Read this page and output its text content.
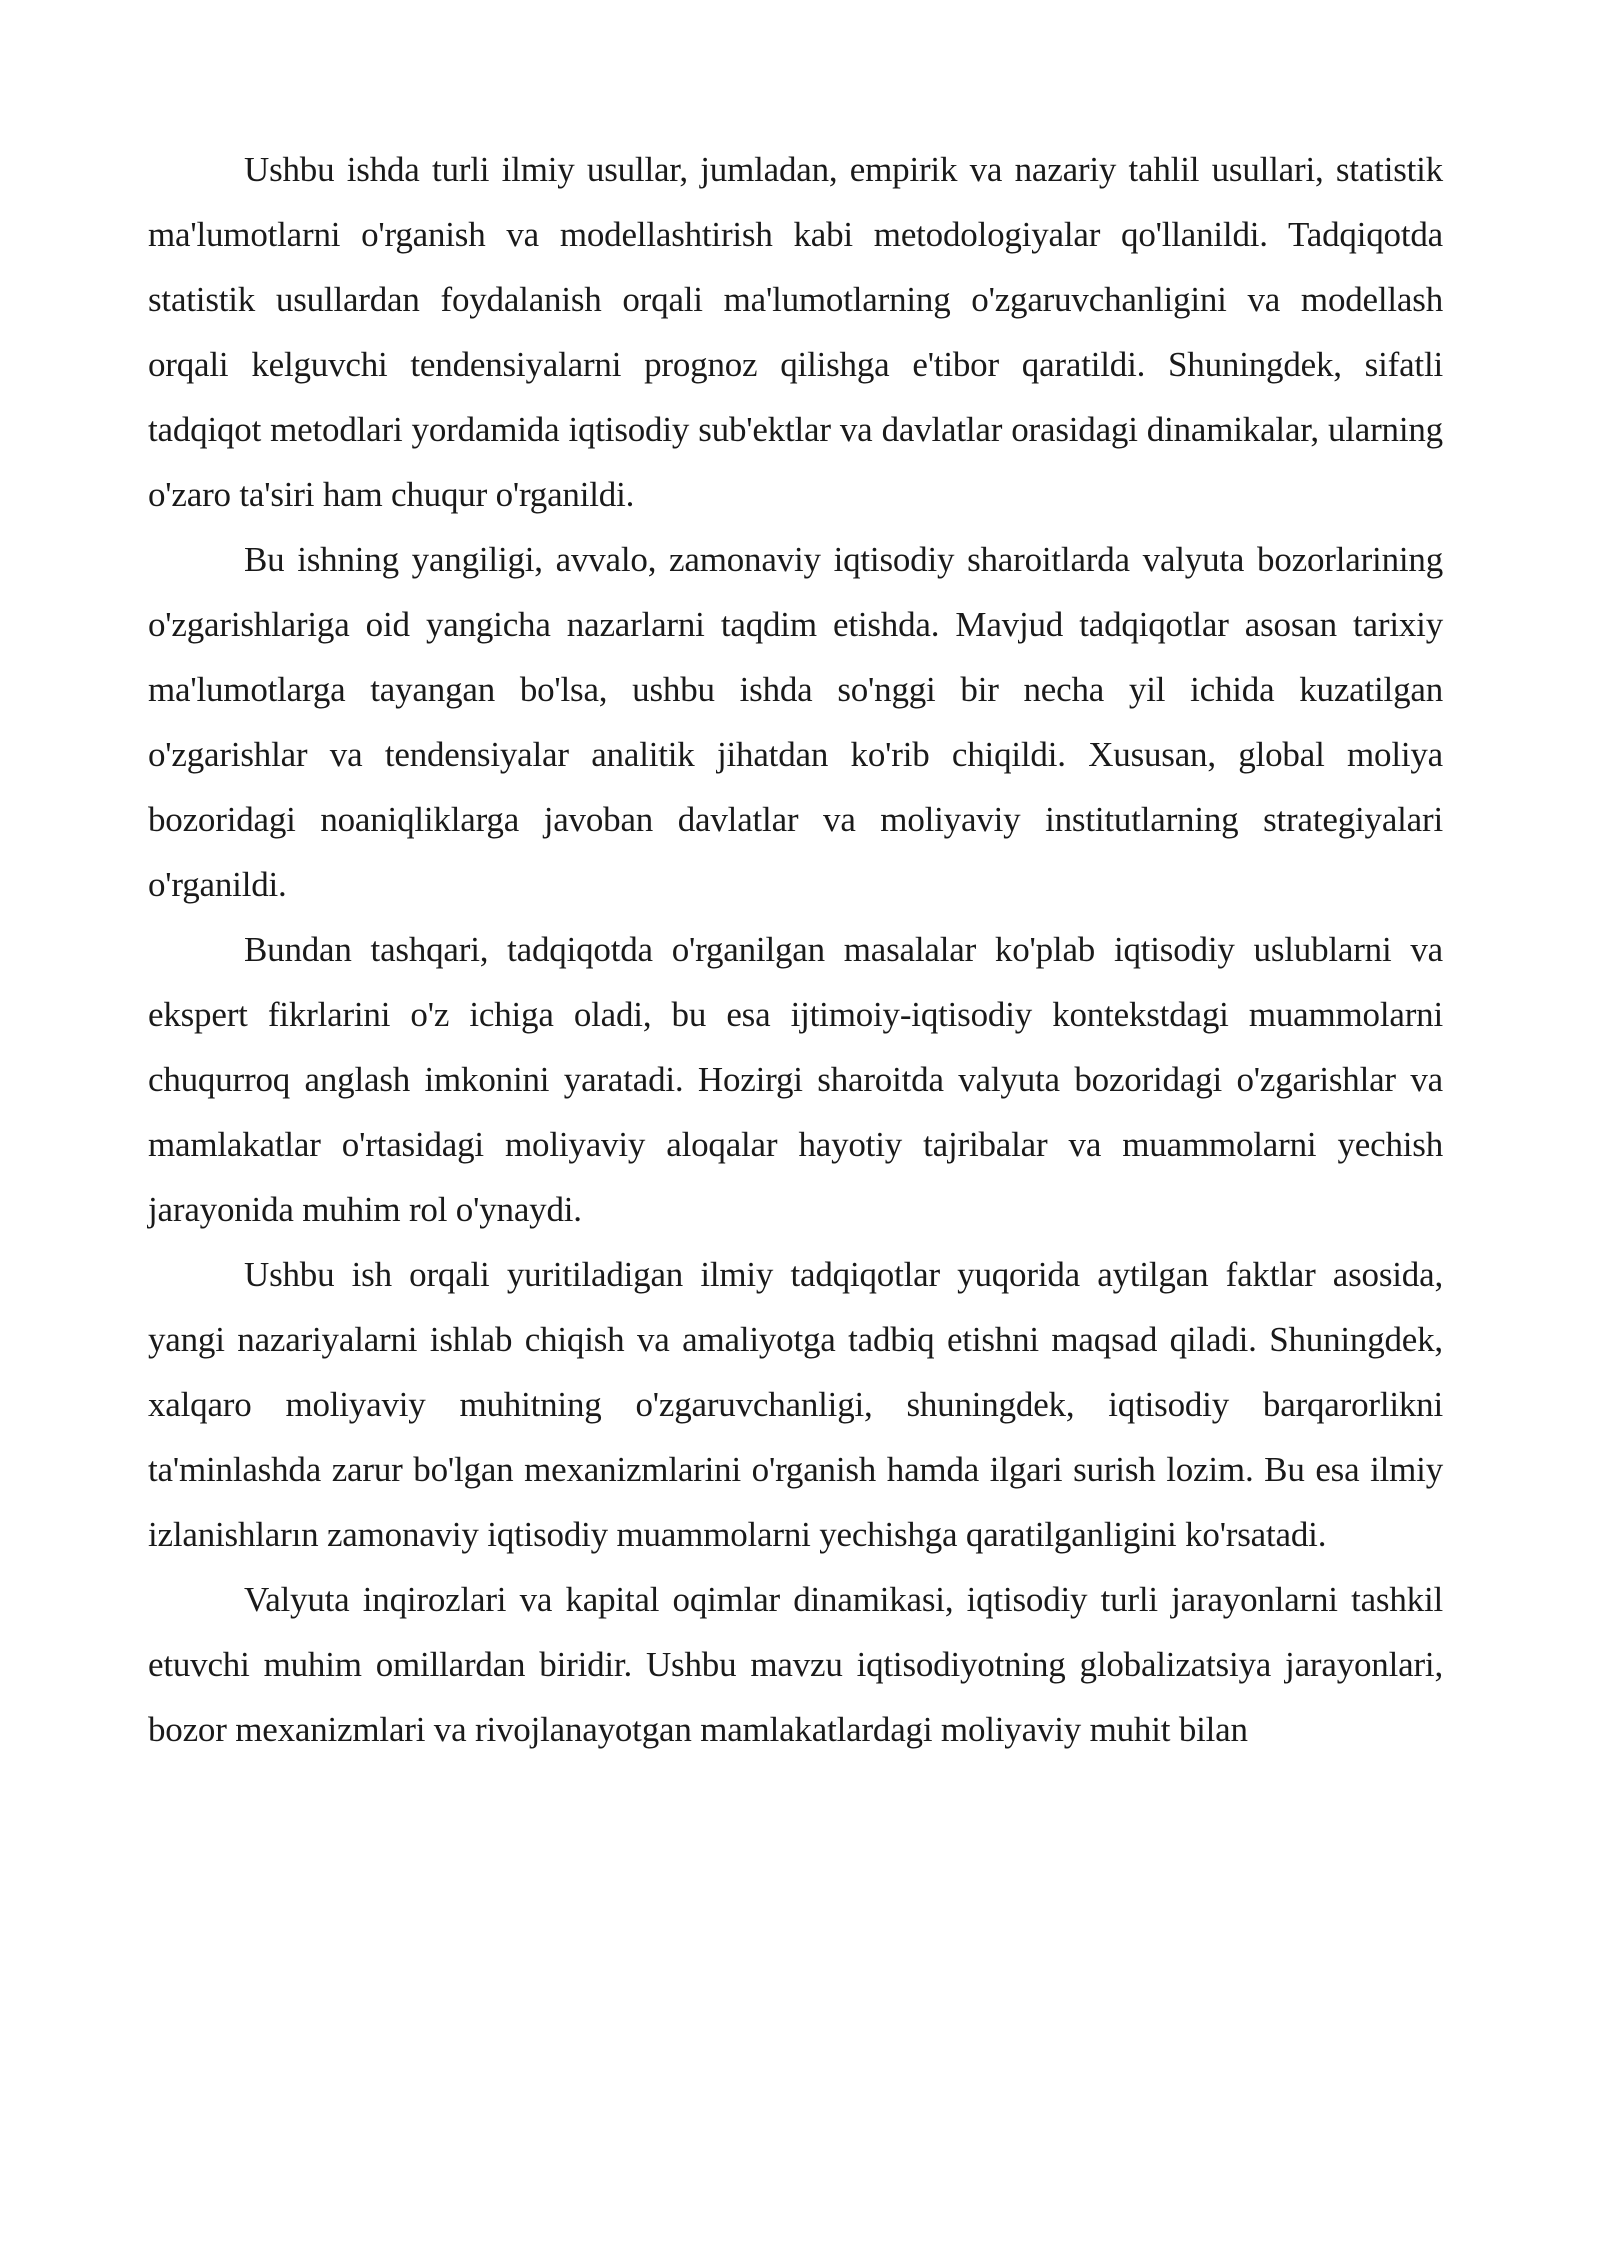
Ushbu ishda turli ilmiy usullar, jumladan, empirik va nazariy tahlil usullari, statistik ma'lumotlarni o'rganish va modellashtirish kabi metodologiyalar qo'llanildi. Tadqiqotda statistik usullardan foydalanish orqali ma'lumotlarning o'zgaruvchanligini va modellash orqali kelguvchi tendensiyalarni prognoz qilishga e'tibor qaratildi. Shuningdek, sifatli tadqiqot metodlari yordamida iqtisodiy sub'ektlar va davlatlar orasidagi dinamikalar, ularning o'zaro ta'siri ham chuqur o'rganildi.

Bu ishning yangiligi, avvalo, zamonaviy iqtisodiy sharoitlarda valyuta bozorlarining o'zgarishlariga oid yangicha nazarlarni taqdim etishda. Mavjud tadqiqotlar asosan tarixiy ma'lumotlarga tayangan bo'lsa, ushbu ishda so'nggi bir necha yil ichida kuzatilgan o'zgarishlar va tendensiyalar analitik jihatdan ko'rib chiqildi. Xususan, global moliya bozoridagi noaniqliklarga javoban davlatlar va moliyaviy institutlarning strategiyalari o'rganildi.

Bundan tashqari, tadqiqotda o'rganilgan masalalar ko'plab iqtisodiy uslublarni va ekspert fikrlarini o'z ichiga oladi, bu esa ijtimoiy-iqtisodiy kontekstdagi muammolarni chuqurroq anglash imkonini yaratadi. Hozirgi sharoitda valyuta bozoridagi o'zgarishlar va mamlakatlar o'rtasidagi moliyaviy aloqalar hayotiy tajribalar va muammolarni yechish jarayonida muhim rol o'ynaydi.

Ushbu ish orqali yuritiladigan ilmiy tadqiqotlar yuqorida aytilgan faktlar asosida, yangi nazariyalarni ishlab chiqish va amaliyotga tadbiq etishni maqsad qiladi. Shuningdek, xalqaro moliyaviy muhitning o'zgaruvchanligi, shuningdek, iqtisodiy barqarorlikni ta'minlashda zarur bo'lgan mexanizmlarini o'rganish hamda ilgari surish lozim. Bu esa ilmiy izlanishların zamonaviy iqtisodiy muammolarni yechishga qaratilganligini ko'rsatadi.

Valyuta inqirozlari va kapital oqimlar dinamikasi, iqtisodiy turli jarayonlarni tashkil etuvchi muhim omillardan biridir. Ushbu mavzu iqtisodiyotning globalizatsiya jarayonlari, bozor mexanizmlari va rivojlanayotgan mamlakatlardagi moliyaviy muhit bilan
